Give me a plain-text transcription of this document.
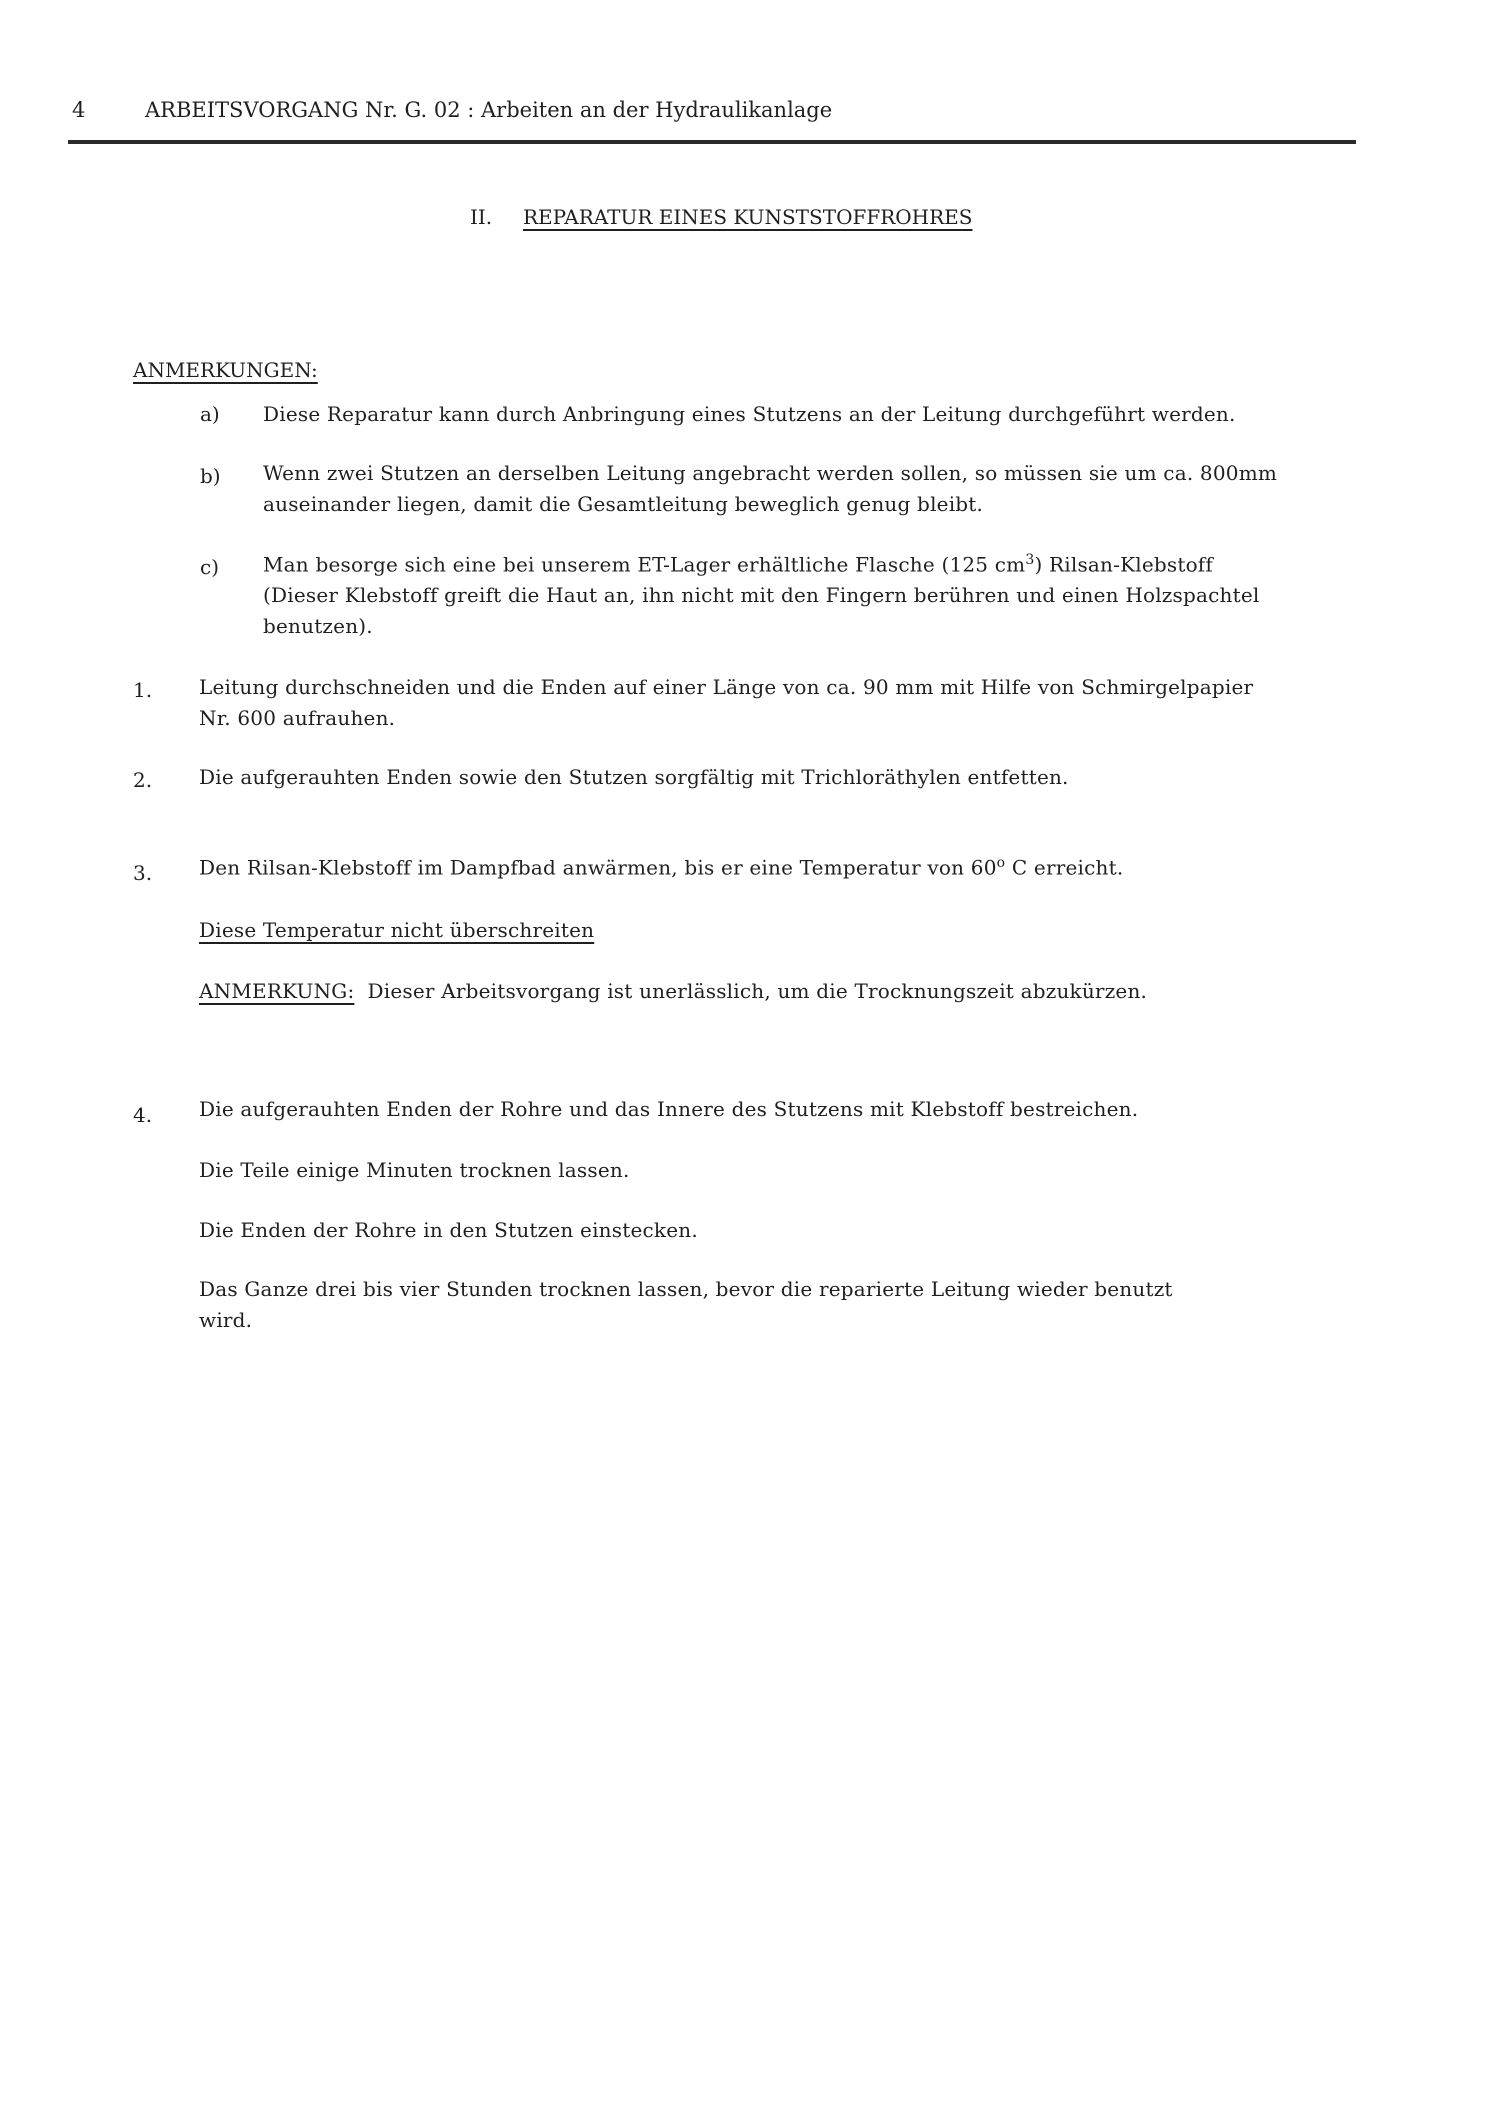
4	ARBEITSVORGANG Nr. G. 02 : Arbeiten an der Hydraulikanlage
II. REPARATUR EINES KUNSTSTOFFROHRES
ANMERKUNGEN:
a) Diese Reparatur kann durch Anbringung eines Stutzens an der Leitung durchgeführt werden.
b) Wenn zwei Stutzen an derselben Leitung angebracht werden sollen, so müssen sie um ca. 800mm
auseinander liegen, damit die Gesamtleitung beweglich genug bleibt.
c) Man besorge sich eine bei unserem ET-Lager erhältliche Flasche (125 $cm^3$) Rilsan-Klebstoff
(Dieser Klebstoff greift die Haut an, ihn nicht mit den Fingern berühren und einen Holzspachtel
benutzen).
1. Leitung durchschneiden und die Enden auf einer Länge von ca. 90 mm mit Hilfe von Schmirgelpapier
Nr. 600 aufrauhen.
2. Die aufgerauhten Enden sowie den Stutzen sorgfältig mit Trichloräthylen entfetten.
3. Den Rilsan-Klebstoff im Dampfbad anwärmen, bis er eine Temperatur von 60$^o$ C erreicht.
Diese Temperatur nicht überschreiten
ANMERKUNG: Dieser Arbeitsvorgang ist unerlässlich, um die Trocknungszeit abzukürzen.
4. Die aufgerauhten Enden der Rohre und das Innere des Stutzens mit Klebstoff bestreichen.
Die Teile einige Minuten trocknen lassen.
Die Enden der Rohre in den Stutzen einstecken.
Das Ganze drei bis vier Stunden trocknen lassen, bevor die reparierte Leitung wieder benutzt
wird.
